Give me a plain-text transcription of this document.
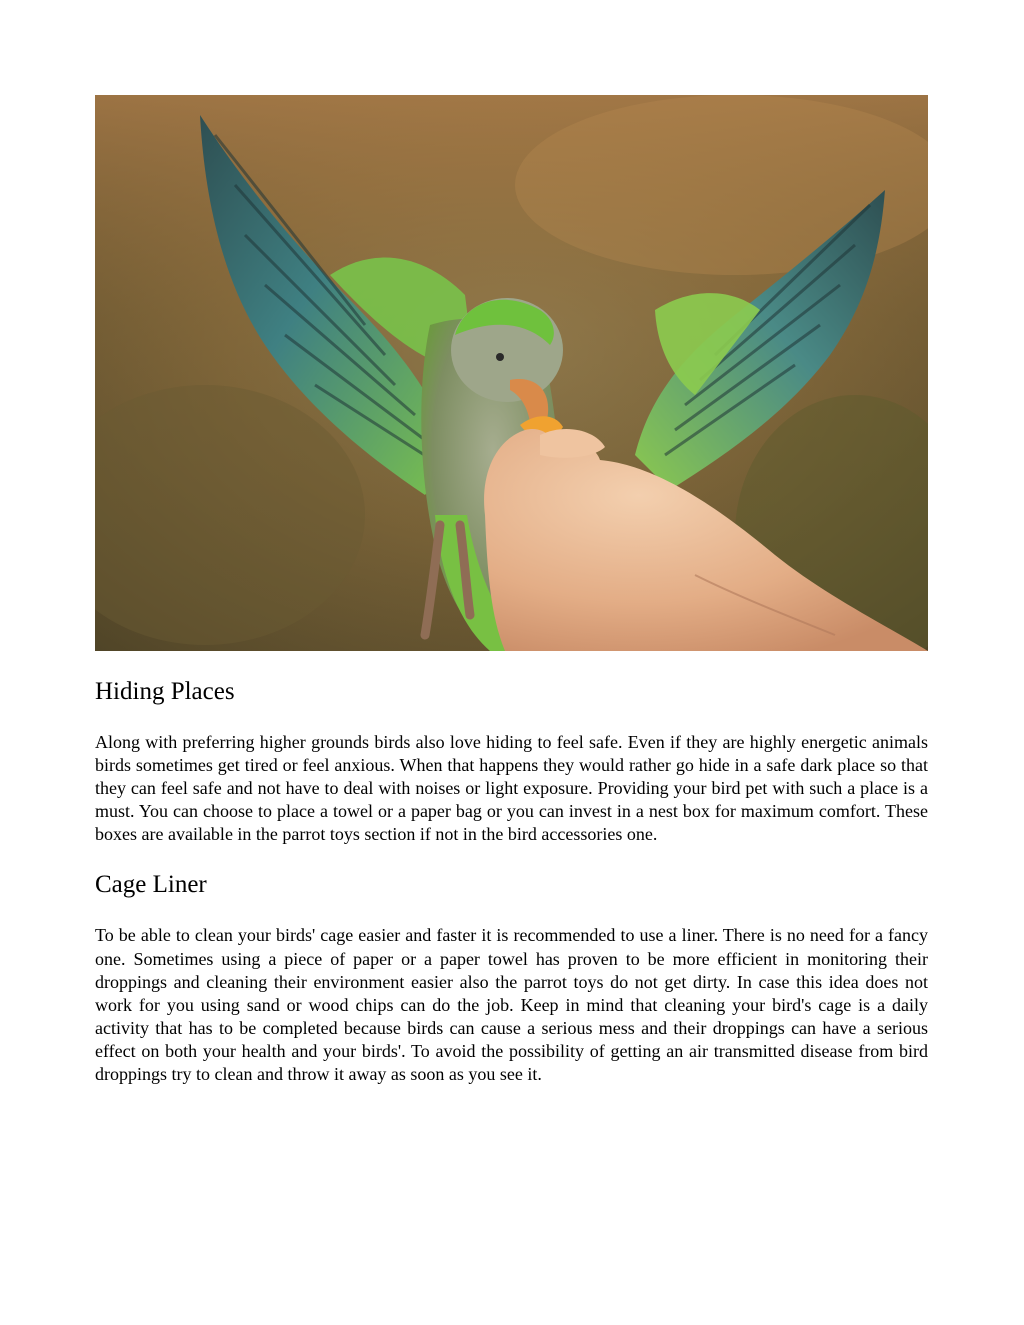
Hiding Places

Along with preferring higher grounds birds also love hiding to feel safe. Even if they are highly energetic animals birds sometimes get tired or feel anxious. When that happens they would rather go hide in a safe dark place so that they can feel safe and not have to deal with noises or light exposure. Providing your bird pet with such a place is a must. You can choose to place a towel or a paper bag or you can invest in a nest box for maximum comfort. These boxes are available in the parrot toys section if not in the bird accessories one.

Cage Liner

To be able to clean your birds' cage easier and faster it is recommended to use a liner. There is no need for a fancy one. Sometimes using a piece of paper or a paper towel has proven to be more efficient in monitoring their droppings and cleaning their environment easier also the parrot toys do not get dirty. In case this idea does not work for you using sand or wood chips can do the job. Keep in mind that cleaning your bird's cage is a daily activity that has to be completed because birds can cause a serious mess and their droppings can have a serious effect on both your health and your birds'. To avoid the possibility of getting an air transmitted disease from bird droppings try to clean and throw it away as soon as you see it.
